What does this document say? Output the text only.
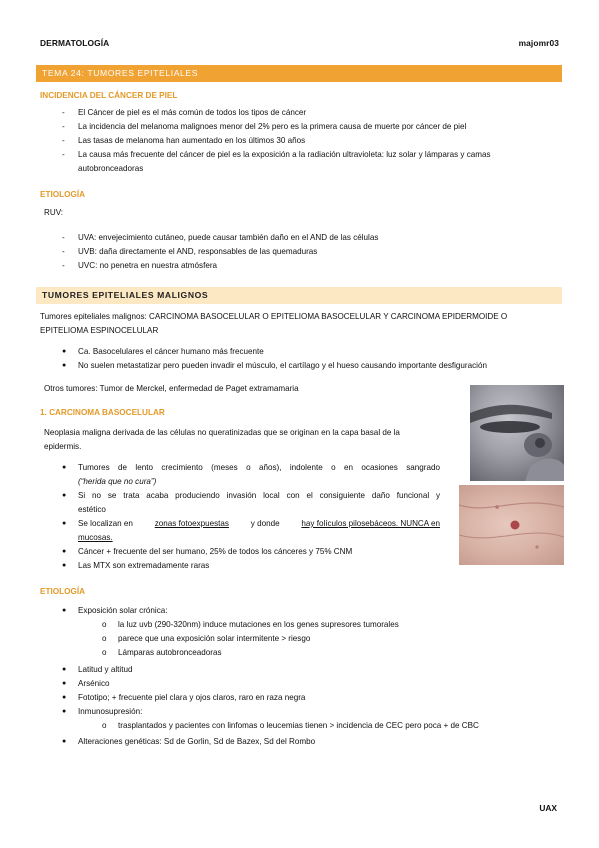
DERMATOLOGÍA	majomr03
TEMA 24: TUMORES EPITELIALES
INCIDENCIA DEL CÁNCER DE PIEL
- El Cáncer de piel es el más común de todos los tipos de cáncer
- La incidencia del melanoma malignoes menor del 2% pero es la primera causa de muerte por cáncer de piel
- Las tasas de melanoma han aumentado en los últimos 30 años
- La causa más frecuente del cáncer de piel es la exposición a la radiación ultravioleta: luz solar y lámparas y camas
autobronceadoras
ETIOLOGÍA
RUV:
- UVA: envejecimiento cutáneo, puede causar también daño en el AND de las células
- UVB: daña directamente el AND, responsables de las quemaduras
- UVC: no penetra en nuestra atmósfera
TUMORES EPITELIALES MALIGNOS
Tumores epiteliales malignos: CARCINOMA BASOCELULAR O EPITELIOMA BASOCELULAR Y CARCINOMA EPIDERMOIDE O
EPITELIOMA ESPINOCELULAR
● Ca. Basocelulares el cáncer humano más frecuente
● No suelen metastatizar pero pueden invadir el músculo, el cartílago y el hueso causando importante desfiguración
Otros tumores: Tumor de Merckel, enfermedad de Paget extramamaria
1. CARCINOMA BASOCELULAR
Neoplasia maligna derivada de las células no queratinizadas que se originan en la capa basal de la
epidermis.
● Tumores de lento crecimiento (meses o años), indolente o en ocasiones sangrado
(“herida que no cura”)
● Si no se trata acaba produciendo invasión local con el consiguiente daño funcional y
estético
● Se localizan en	zonas fotoexpuestas	y donde	hay folículos pilosebáceos. NUNCA en
mucosas.
● Cáncer + frecuente del ser humano, 25% de todos los cánceres y 75% CNM
● Las MTX son extremadamente raras
ETIOLOGÍA
● Exposición solar crónica:
o la luz uvb (290-320nm) induce mutaciones en los genes supresores tumorales
o parece que una exposición solar intermitente > riesgo
o Lámparas autobronceadoras
● Latitud y altitud
● Arsénico
● Fototipo; + frecuente piel clara y ojos claros, raro en raza negra
● Inmunosupresión:
o trasplantados y pacientes con linfomas o leucemias tienen > incidencia de CEC pero poca + de CBC
● Alteraciones genéticas: Sd de Gorlin, Sd de Bazex, Sd del Rombo
UAX
